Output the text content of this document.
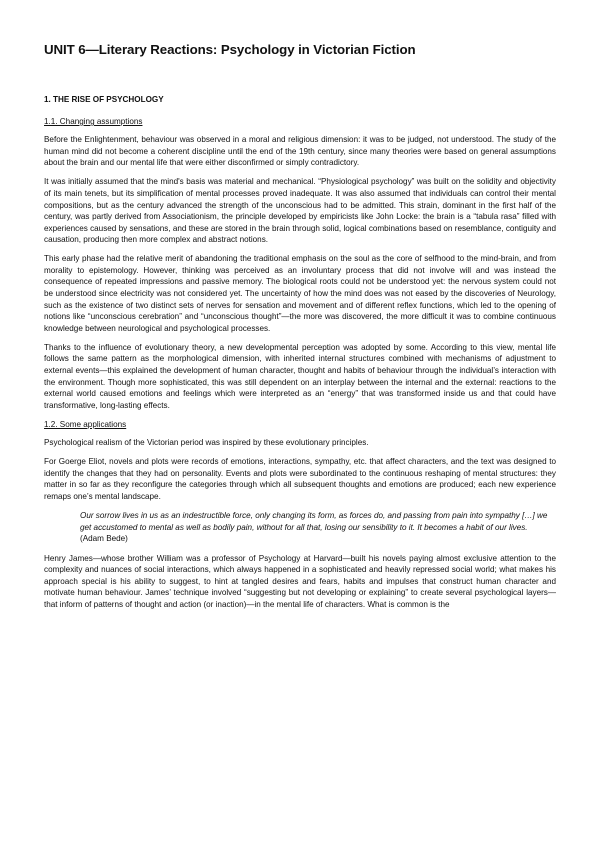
UNIT 6—Literary Reactions: Psychology in Victorian Fiction
1. THE RISE OF PSYCHOLOGY
1.1. Changing assumptions

Before the Enlightenment, behaviour was observed in a moral and religious dimension: it was to be judged, not understood. The study of the human mind did not become a coherent discipline until the end of the 19th century, since many theories were based on general assumptions about the brain and our mental life that were either disconfirmed or simply contradictory.

It was initially assumed that the mind's basis was material and mechanical. “Physiological psychology” was built on the solidity and objectivity of its main tenets, but its simplification of mental processes proved inadequate. It was also assumed that individuals can control their mental compositions, but as the century advanced the strength of the unconscious had to be admitted. This strain, dominant in the first half of the century, was partly derived from Associationism, the principle developed by empiricists like John Locke: the brain is a “tabula rasa” filled with experiences caused by sensations, and these are stored in the brain through solid, logical combinations based on resemblance, contiguity and causation, producing then more complex and abstract notions.

This early phase had the relative merit of abandoning the traditional emphasis on the soul as the core of selfhood to the mind-brain, and from morality to epistemology. However, thinking was perceived as an involuntary process that did not involve will and was instead the consequence of repeated impressions and passive memory. The biological roots could not be understood yet: the nervous system could not be understood since electricity was not considered yet. The uncertainty of how the mind does was not eased by the discoveries of Neurology, such as the existence of two distinct sets of nerves for sensation and movement and of different reflex functions, which led to the opening of notions like “unconscious cerebration” and “unconscious thought”—the more was discovered, the more difficult it was to combine continuous knowledge between neurological and psychological processes.

Thanks to the influence of evolutionary theory, a new developmental perception was adopted by some. According to this view, mental life follows the same pattern as the morphological dimension, with inherited internal structures combined with mechanisms of adjustment to external events—this explained the development of human character, thought and habits of behaviour through the individual’s interaction with the environment. Though more sophisticated, this was still dependent on an interplay between the internal and the external: reactions to the external world caused emotions and feelings which were interpreted as an “energy” that was transformed inside us and that could have transformative, long-lasting effects.

1.2. Some applications

Psychological realism of the Victorian period was inspired by these evolutionary principles.

For Goerge Eliot, novels and plots were records of emotions, interactions, sympathy, etc. that affect characters, and the text was designed to identify the changes that they had on personality. Events and plots were subordinated to the continuous reshaping of mental structures: they matter in so far as they reconfigure the categories through which all subsequent thoughts and emotions are produced; each new experience remaps one’s mental landscape.

Our sorrow lives in us as an indestructible force, only changing its form, as forces do, and passing from pain into sympathy […] we get accustomed to mental as well as bodily pain, without for all that, losing our sensibility to it. It becomes a habit of our lives. (Adam Bede)

Henry James—whose brother William was a professor of Psychology at Harvard—built his novels paying almost exclusive attention to the complexity and nuances of social interactions, which always happened in a sophisticated and heavily repressed social world; what makes his approach special is his ability to suggest, to hint at tangled desires and fears, habits and impulses that construct human character and motivate human behaviour. James’ technique involved “suggesting but not developing or explaining” to create several psychological layers—that inform of patterns of thought and action (or inaction)—in the mental life of characters. What is common is the
